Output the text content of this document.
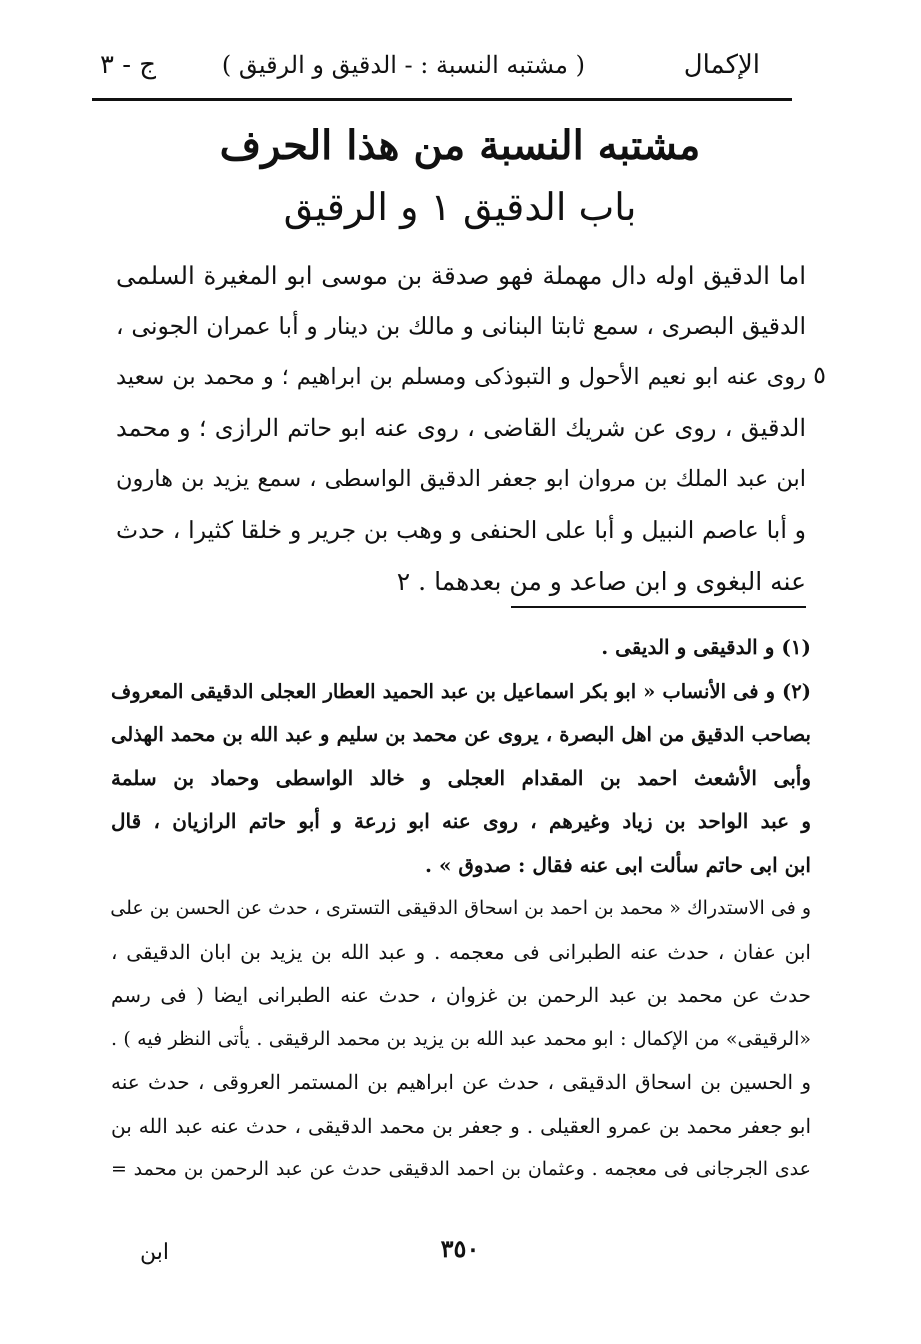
الإكمال
( مشتبه النسبة : - الدقيق و الرقيق )
ج - ٣
مشتبه النسبة من هذا الحرف
باب الدقيق ١ و الرقيق
٥
اما الدقيق اوله دال مهملة فهو صدقة بن موسى ابو المغيرة السلمى
الدقيق البصرى ، سمع ثابتا البنانى و مالك بن دينار و أبا عمران الجونى ،
روى عنه ابو نعيم الأحول و التبوذكى ومسلم بن ابراهيم ؛ و محمد بن سعيد
الدقيق ، روى عن شريك القاضى ، روى عنه ابو حاتم الرازى ؛ و محمد
ابن عبد الملك بن مروان ابو جعفر الدقيق الواسطى ، سمع يزيد بن هارون
و أبا عاصم النبيل و أبا على الحنفى و وهب بن جرير و خلقا كثيرا ، حدث
عنه البغوى و ابن صاعد و من بعدهما . ٢
(١) و الدقيقى و الديقى .
(٢) و فى الأنساب « ابو بكر اسماعيل بن عبد الحميد العطار العجلى الدقيقى المعروف
بصاحب الدقيق من اهل البصرة ، يروى عن محمد بن سليم و عبد الله بن محمد الهذلى
وأبى الأشعث احمد بن المقدام العجلى و خالد الواسطى وحماد بن سلمة
و عبد الواحد بن زياد وغيرهم ، روى عنه ابو زرعة و أبو حاتم الرازيان ، قال
ابن ابى حاتم سألت ابى عنه فقال : صدوق » .
و فى الاستدراك « محمد بن احمد بن اسحاق الدقيقى التسترى ، حدث عن الحسن بن على
ابن عفان ، حدث عنه الطبرانى فى معجمه . و عبد الله بن يزيد بن ابان الدقيقى ،
حدث عن محمد بن عبد الرحمن بن غزوان ، حدث عنه الطبرانى ايضا ( فى رسم
«الرقيقى» من الإكمال : ابو محمد عبد الله بن يزيد بن محمد الرقيقى . يأتى النظر فيه ) .
و الحسين بن اسحاق الدقيقى ، حدث عن ابراهيم بن المستمر العروقى ، حدث عنه
ابو جعفر محمد بن عمرو العقيلى . و جعفر بن محمد الدقيقى ، حدث عنه عبد الله بن
عدى الجرجانى فى معجمه . وعثمان بن احمد الدقيقى حدث عن عبد الرحمن بن محمد =
٣٥٠
ابن
